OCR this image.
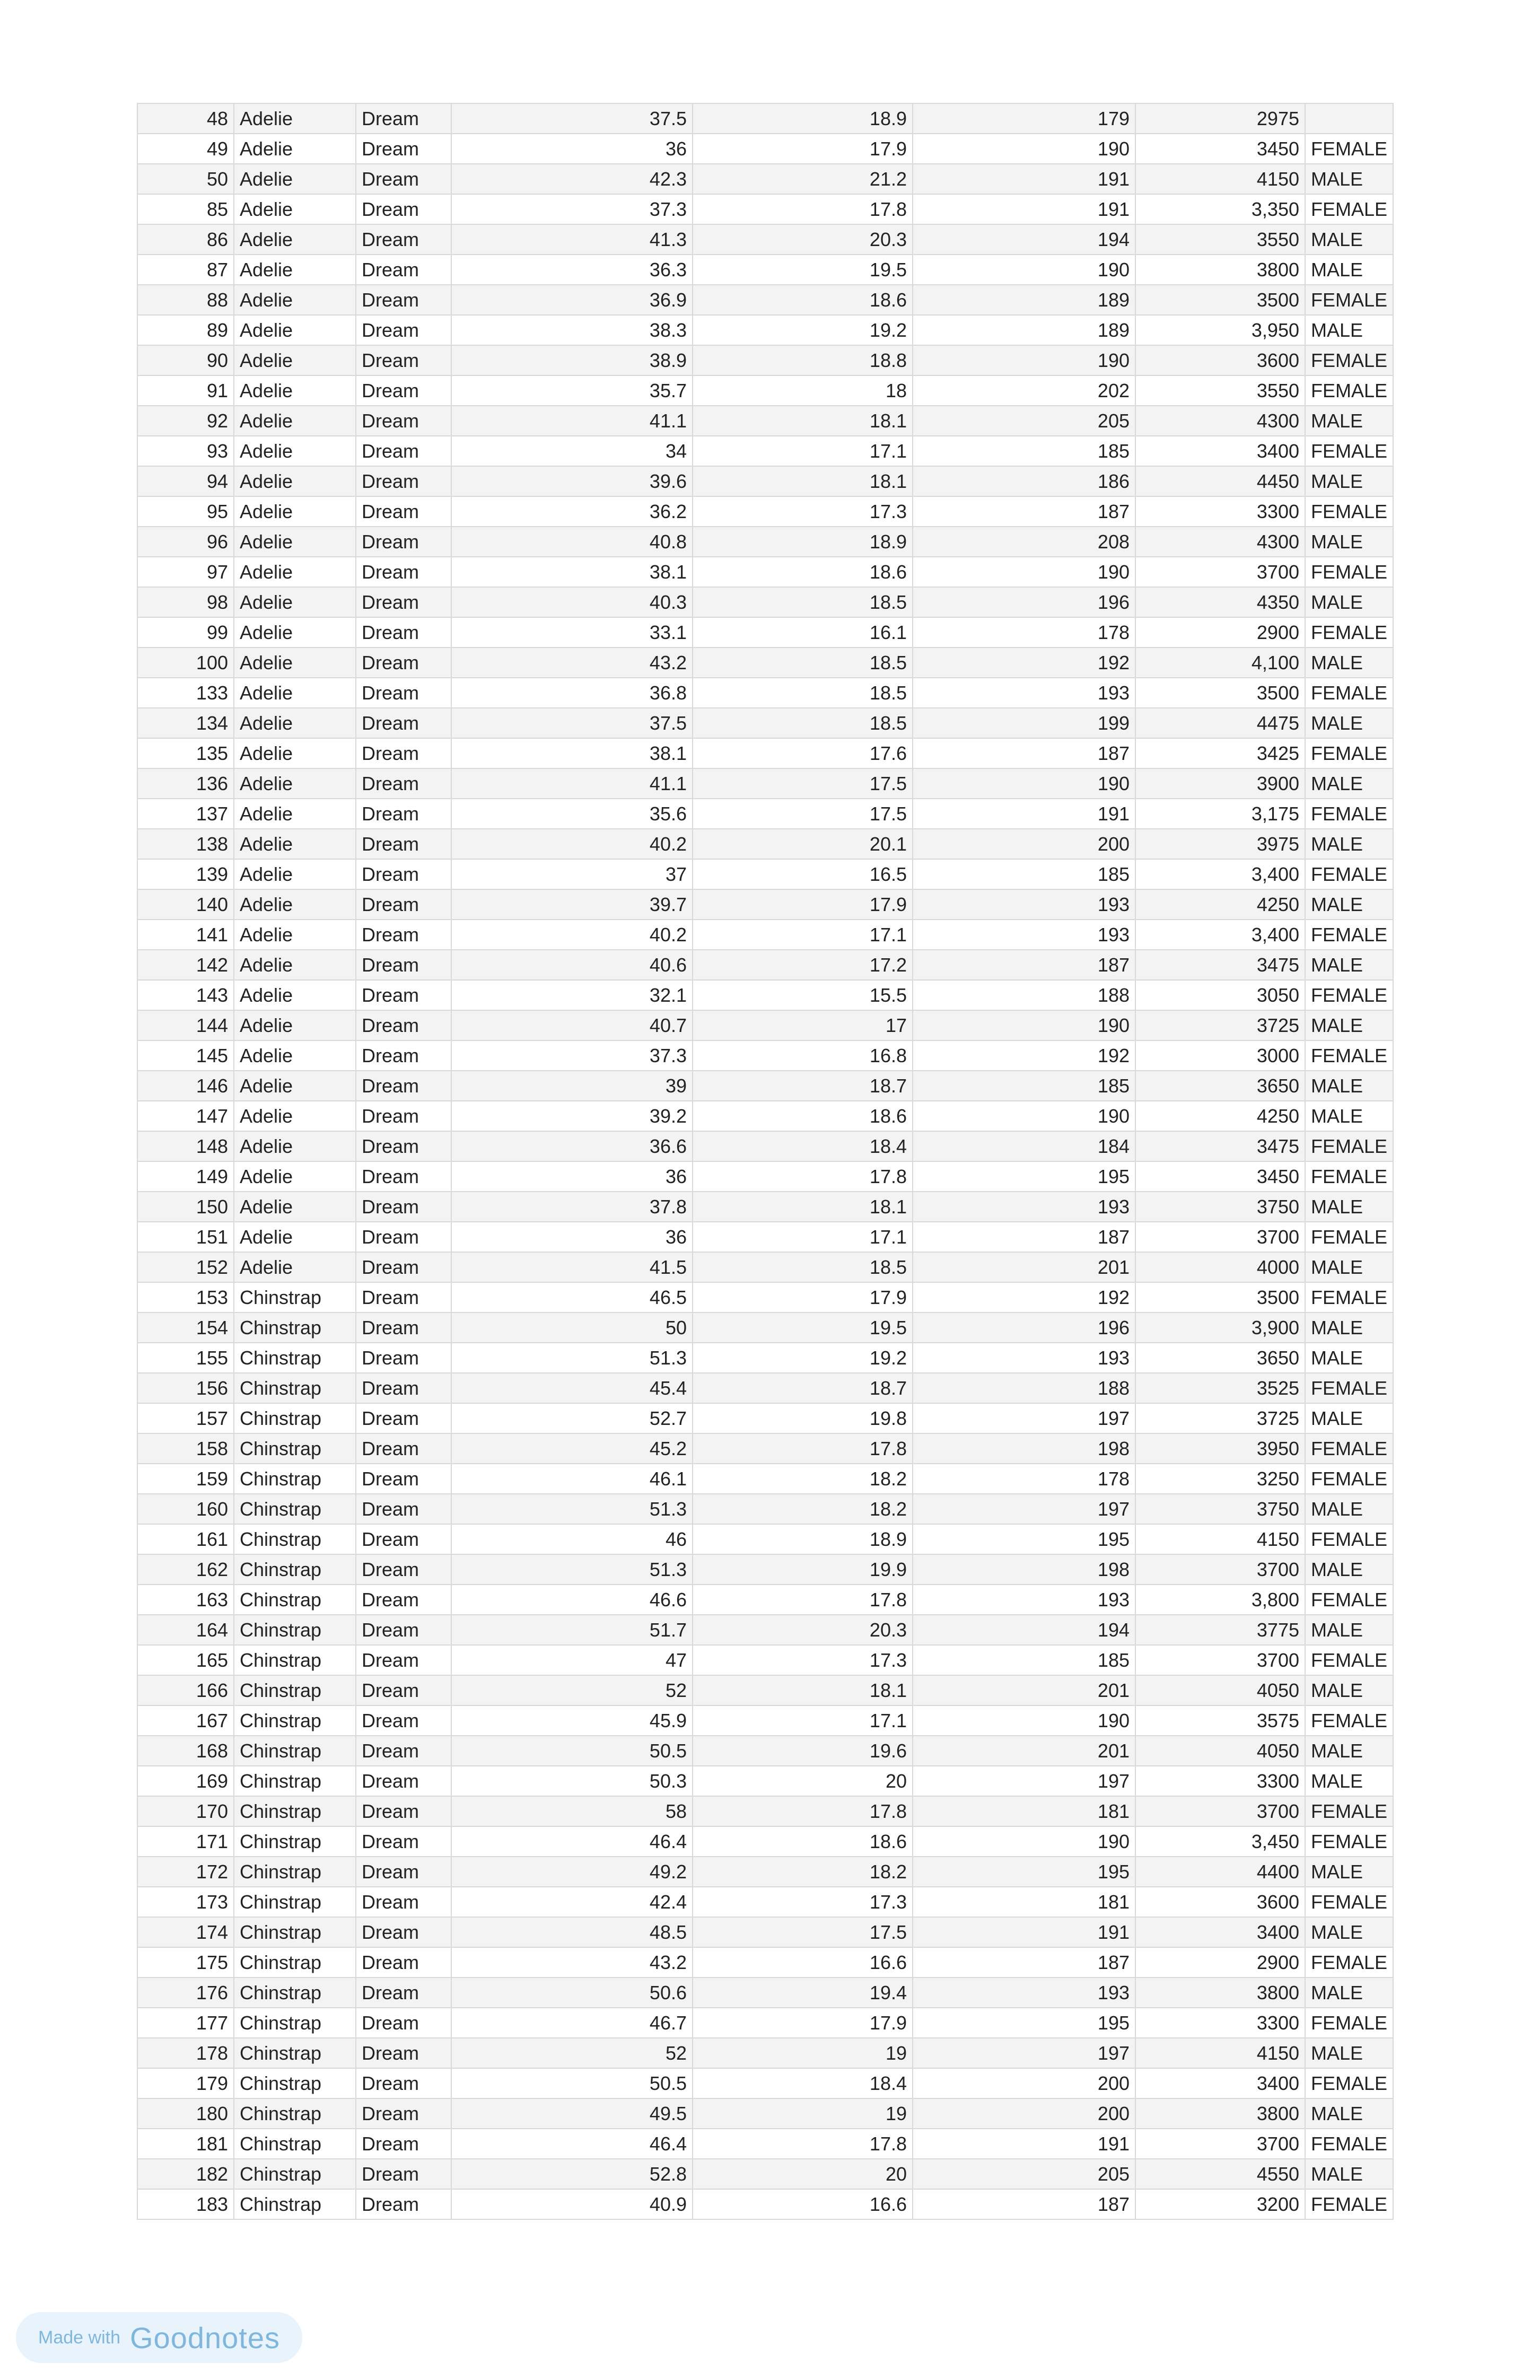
48	Adelie	Dream	37.5	18.9	179	2975	
49	Adelie	Dream	36	17.9	190	3450	FEMALE
50	Adelie	Dream	42.3	21.2	191	4150	MALE
85	Adelie	Dream	37.3	17.8	191	3,350	FEMALE
86	Adelie	Dream	41.3	20.3	194	3550	MALE
87	Adelie	Dream	36.3	19.5	190	3800	MALE
88	Adelie	Dream	36.9	18.6	189	3500	FEMALE
89	Adelie	Dream	38.3	19.2	189	3,950	MALE
90	Adelie	Dream	38.9	18.8	190	3600	FEMALE
91	Adelie	Dream	35.7	18	202	3550	FEMALE
92	Adelie	Dream	41.1	18.1	205	4300	MALE
93	Adelie	Dream	34	17.1	185	3400	FEMALE
94	Adelie	Dream	39.6	18.1	186	4450	MALE
95	Adelie	Dream	36.2	17.3	187	3300	FEMALE
96	Adelie	Dream	40.8	18.9	208	4300	MALE
97	Adelie	Dream	38.1	18.6	190	3700	FEMALE
98	Adelie	Dream	40.3	18.5	196	4350	MALE
99	Adelie	Dream	33.1	16.1	178	2900	FEMALE
100	Adelie	Dream	43.2	18.5	192	4,100	MALE
133	Adelie	Dream	36.8	18.5	193	3500	FEMALE
134	Adelie	Dream	37.5	18.5	199	4475	MALE
135	Adelie	Dream	38.1	17.6	187	3425	FEMALE
136	Adelie	Dream	41.1	17.5	190	3900	MALE
137	Adelie	Dream	35.6	17.5	191	3,175	FEMALE
138	Adelie	Dream	40.2	20.1	200	3975	MALE
139	Adelie	Dream	37	16.5	185	3,400	FEMALE
140	Adelie	Dream	39.7	17.9	193	4250	MALE
141	Adelie	Dream	40.2	17.1	193	3,400	FEMALE
142	Adelie	Dream	40.6	17.2	187	3475	MALE
143	Adelie	Dream	32.1	15.5	188	3050	FEMALE
144	Adelie	Dream	40.7	17	190	3725	MALE
145	Adelie	Dream	37.3	16.8	192	3000	FEMALE
146	Adelie	Dream	39	18.7	185	3650	MALE
147	Adelie	Dream	39.2	18.6	190	4250	MALE
148	Adelie	Dream	36.6	18.4	184	3475	FEMALE
149	Adelie	Dream	36	17.8	195	3450	FEMALE
150	Adelie	Dream	37.8	18.1	193	3750	MALE
151	Adelie	Dream	36	17.1	187	3700	FEMALE
152	Adelie	Dream	41.5	18.5	201	4000	MALE
153	Chinstrap	Dream	46.5	17.9	192	3500	FEMALE
154	Chinstrap	Dream	50	19.5	196	3,900	MALE
155	Chinstrap	Dream	51.3	19.2	193	3650	MALE
156	Chinstrap	Dream	45.4	18.7	188	3525	FEMALE
157	Chinstrap	Dream	52.7	19.8	197	3725	MALE
158	Chinstrap	Dream	45.2	17.8	198	3950	FEMALE
159	Chinstrap	Dream	46.1	18.2	178	3250	FEMALE
160	Chinstrap	Dream	51.3	18.2	197	3750	MALE
161	Chinstrap	Dream	46	18.9	195	4150	FEMALE
162	Chinstrap	Dream	51.3	19.9	198	3700	MALE
163	Chinstrap	Dream	46.6	17.8	193	3,800	FEMALE
164	Chinstrap	Dream	51.7	20.3	194	3775	MALE
165	Chinstrap	Dream	47	17.3	185	3700	FEMALE
166	Chinstrap	Dream	52	18.1	201	4050	MALE
167	Chinstrap	Dream	45.9	17.1	190	3575	FEMALE
168	Chinstrap	Dream	50.5	19.6	201	4050	MALE
169	Chinstrap	Dream	50.3	20	197	3300	MALE
170	Chinstrap	Dream	58	17.8	181	3700	FEMALE
171	Chinstrap	Dream	46.4	18.6	190	3,450	FEMALE
172	Chinstrap	Dream	49.2	18.2	195	4400	MALE
173	Chinstrap	Dream	42.4	17.3	181	3600	FEMALE
174	Chinstrap	Dream	48.5	17.5	191	3400	MALE
175	Chinstrap	Dream	43.2	16.6	187	2900	FEMALE
176	Chinstrap	Dream	50.6	19.4	193	3800	MALE
177	Chinstrap	Dream	46.7	17.9	195	3300	FEMALE
178	Chinstrap	Dream	52	19	197	4150	MALE
179	Chinstrap	Dream	50.5	18.4	200	3400	FEMALE
180	Chinstrap	Dream	49.5	19	200	3800	MALE
181	Chinstrap	Dream	46.4	17.8	191	3700	FEMALE
182	Chinstrap	Dream	52.8	20	205	4550	MALE
183	Chinstrap	Dream	40.9	16.6	187	3200	FEMALE
Made with Goodnotes
